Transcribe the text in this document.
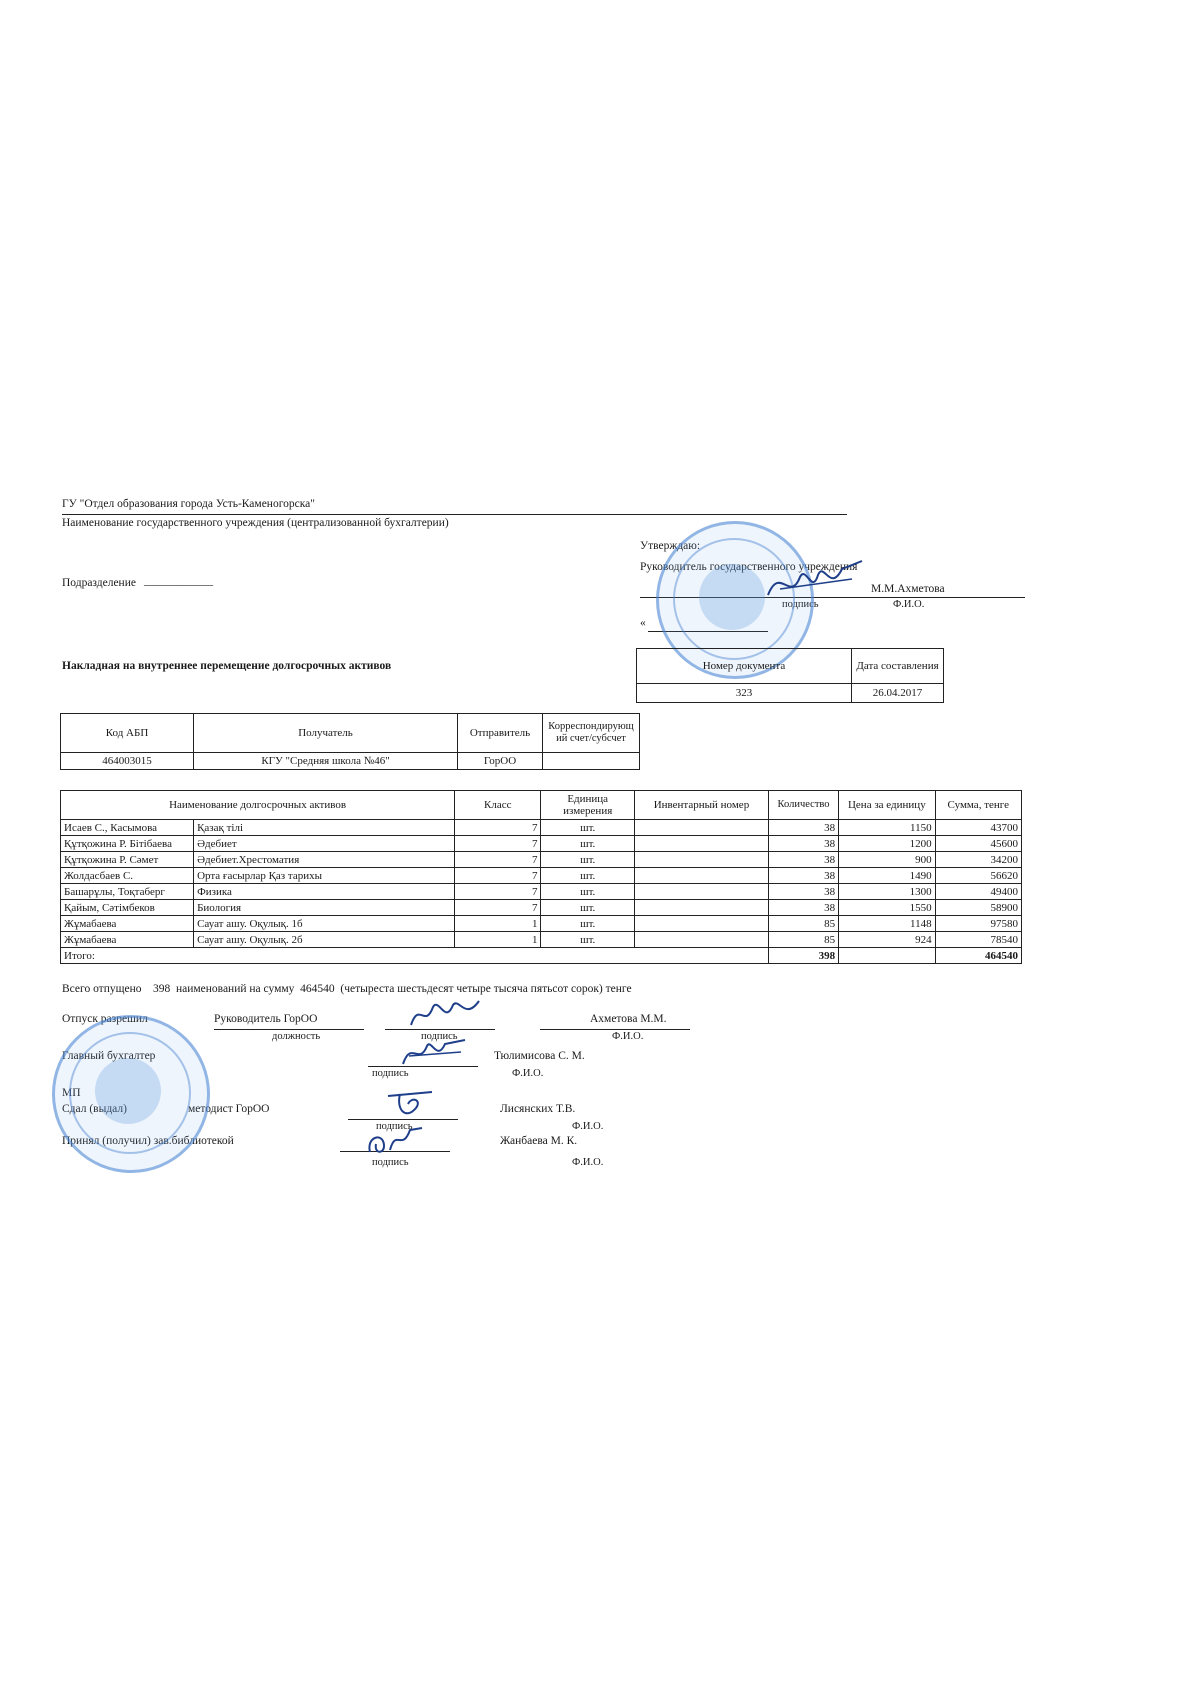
ГУ "Отдел образования города Усть-Каменогорска"
Наименование государственного учреждения (централизованной бухгалтерии)
Подразделение ____________
Утверждаю:
Руководитель государственного учреждения
М.М.Ахметова
подпись	Ф.И.О.
«
Накладная на внутреннее перемещение долгосрочных активов	Номер документа	Дата составления
323	26.04.2017
Код АБП	Получатель	Отправитель	Корреспондирующий счет/субсчет
464003015	КГУ "Средняя школа №46"	ГорОО	
Наименование долгосрочных активов		Класс	Единица измерения	Инвентарный номер	Количество	Цена за единицу	Сумма, тенге
Исаев С., Касымова	Қазақ тілі	7	шт.		38	1150	43700
Құтқожина Р. Бітібаева	Әдебиет	7	шт.		38	1200	45600
Құтқожина Р. Сәмет	Әдебиет.Хрестоматия	7	шт.		38	900	34200
Жолдасбаев С.	Орта ғасырлар Қаз тарихы	7	шт.		38	1490	56620
Башарұлы, Тоқтаберг	Физика	7	шт.		38	1300	49400
Қайым, Сәтімбеков	Биология	7	шт.		38	1550	58900
Жұмабаева	Сауат ашу. Оқулық. 1б	1	шт.		85	1148	97580
Жұмабаева	Сауат ашу. Оқулық. 2б	1	шт.		85	924	78540
Итого:					398		464540
Всего отпущено    398  наименований на сумму  464540  (четыреста шестьдесят четыре тысяча пятьсот сорок) тенге
Отпуск разрешил	Руководитель ГорОО	Ахметова М.М.
должность	подпись	Ф.И.О.
Главный бухгалтер	Тюлимисова С. М.
подпись	Ф.И.О.
МП
Сдал (выдал)	методист ГорОО	Лисянских Т.В.
подпись	Ф.И.О.
Принял (получил) зав.библиотекой	Жанбаева М. К.
подпись	Ф.И.О.
